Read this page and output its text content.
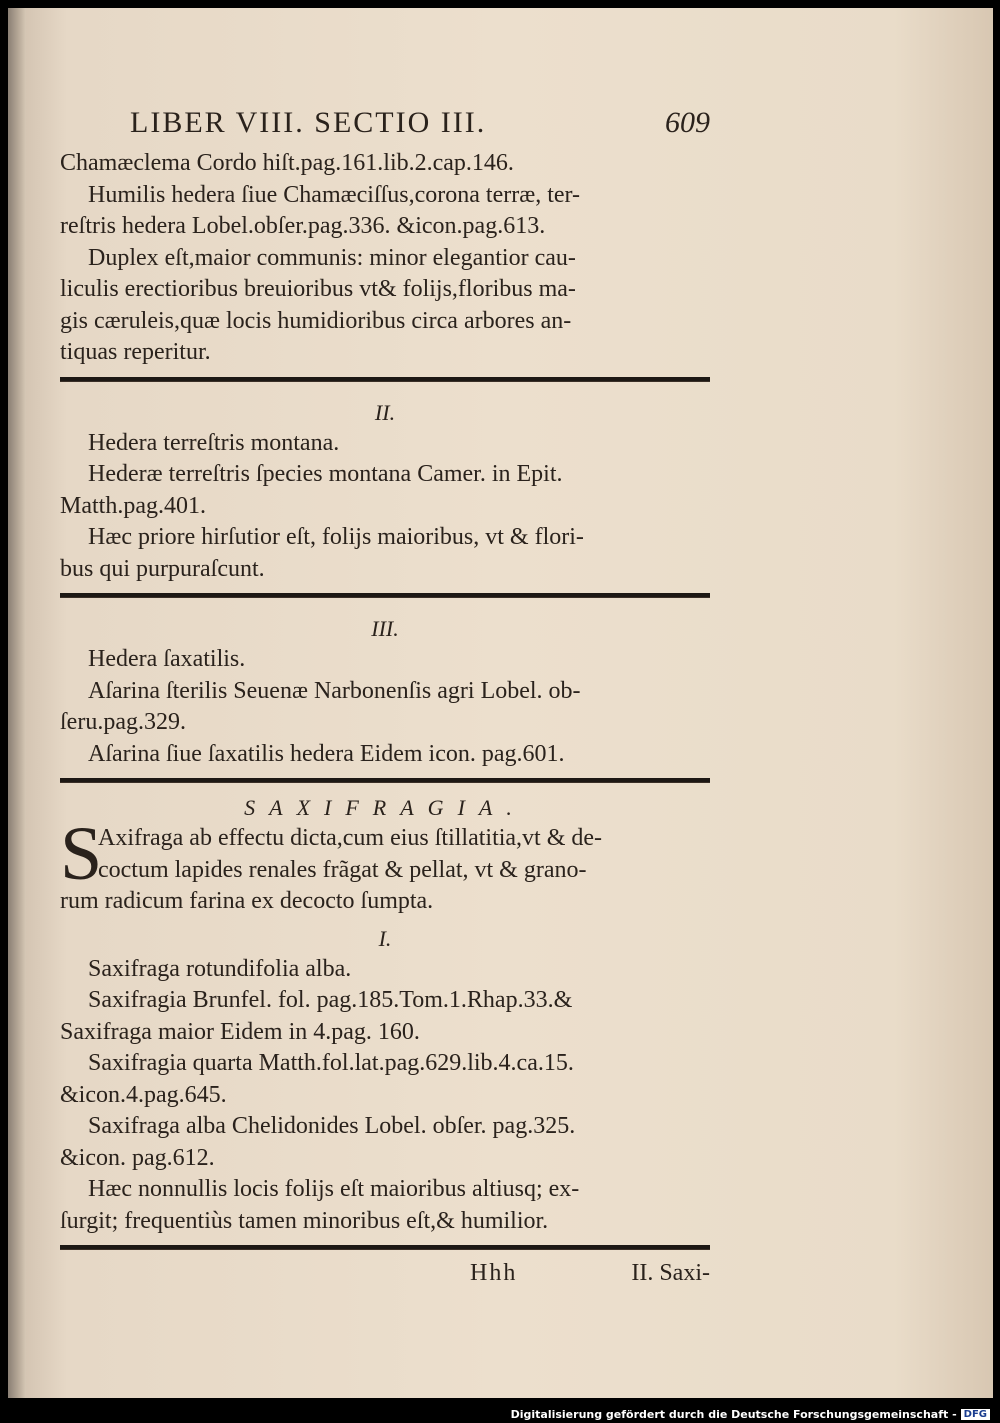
LIBER VIII. SECTIO III.	609
Chamæclema Cordo hiſt.pag.161.lib.2.cap.146.
Humilis hedera ſiue Chamæciſſus,corona terræ, ter-
reſtris hedera Lobel.obſer.pag.336. &icon.pag.613.
Duplex eſt,maior communis: minor elegantior cau-
liculis erectioribus breuioribus vt& folijs,floribus ma-
gis cæruleis,quæ locis humidioribus circa arbores an-
tiquas reperitur.
II.
Hedera terreſtris montana.
Hederæ terreſtris ſpecies montana Camer. in Epit.
Matth.pag.401.
Hæc priore hirſutior eſt, folijs maioribus, vt & flori-
bus qui purpuraſcunt.
III.
Hedera ſaxatilis.
Aſarina ſterilis Seuenæ Narbonenſis agri Lobel. ob-
ſeru.pag.329.
Aſarina ſiue ſaxatilis hedera Eidem icon. pag.601.
SAXIFRAGIA.
S
Axifraga ab effectu dicta,cum eius ſtillatitia,vt & de-
coctum lapides renales frãgat & pellat, vt & grano-
rum radicum farina ex decocto ſumpta.
I.
Saxifraga rotundifolia alba.
Saxifragia Brunfel. fol. pag.185.Tom.1.Rhap.33.&
Saxifraga maior Eidem in 4.pag. 160.
Saxifragia quarta Matth.fol.lat.pag.629.lib.4.ca.15.
&icon.4.pag.645.
Saxifraga alba Chelidonides Lobel. obſer. pag.325.
&icon. pag.612.
Hæc nonnullis locis folijs eſt maioribus altiusq; ex-
ſurgit; frequentiùs tamen minoribus eſt,& humilior.
Hhh	II. Saxi-
Digitalisierung gefördert durch die Deutsche Forschungsgemeinschaft - DFG
